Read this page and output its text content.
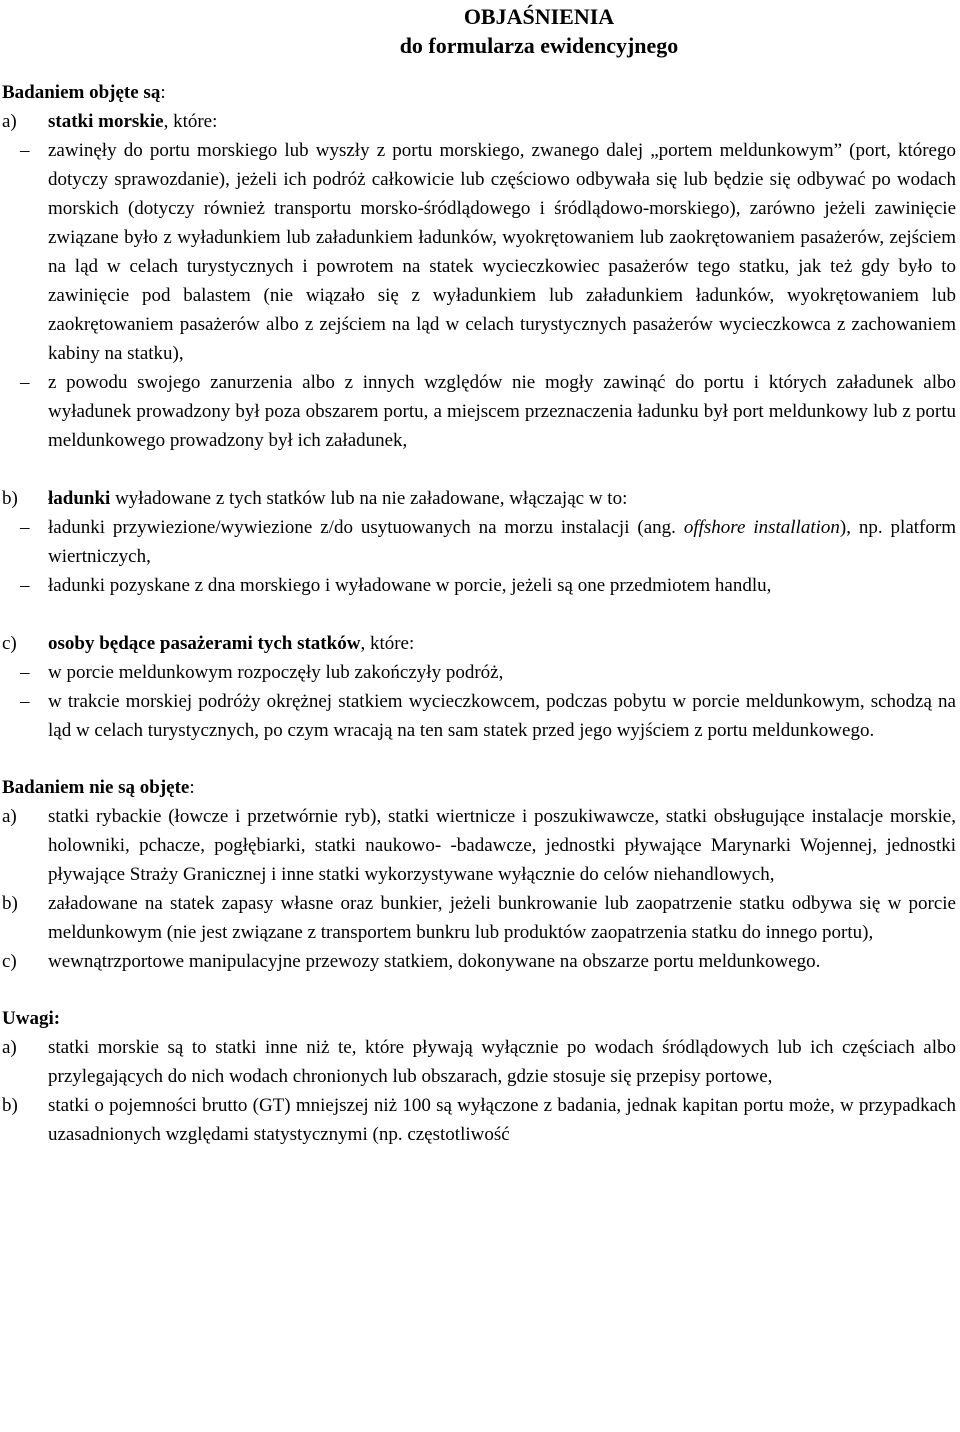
OBJAŚNIENIA
do formularza ewidencyjnego
Badaniem objęte są:
a) statki morskie, które:
– zawinęły do portu morskiego lub wyszły z portu morskiego, zwanego dalej „portem meldunkowym” (port, którego dotyczy sprawozdanie), jeżeli ich podróż całkowicie lub częściowo odbywała się lub będzie się odbywać po wodach morskich (dotyczy również transportu morsko-śródlądowego i śródlądowo-morskiego), zarówno jeżeli zawinięcie związane było z wyładunkiem lub załadunkiem ładunków, wyokrętowaniem lub zaokrętowaniem pasażerów, zejściem na ląd w celach turystycznych i powrotem na statek wycieczkowiec pasażerów tego statku, jak też gdy było to zawinięcie pod balastem (nie wiązało się z wyładunkiem lub załadunkiem ładunków, wyokrętowaniem lub zaokrętowaniem pasażerów albo z zejściem na ląd w celach turystycznych pasażerów wycieczkowca z zachowaniem kabiny na statku),
– z powodu swojego zanurzenia albo z innych względów nie mogły zawinąć do portu i których załadunek albo wyładunek prowadzony był poza obszarem portu, a miejscem przeznaczenia ładunku był port meldunkowy lub z portu meldunkowego prowadzony był ich załadunek,
b) ładunki wyładowane z tych statków lub na nie załadowane, włączając w to:
– ładunki przywiezione/wywiezione z/do usytuowanych na morzu instalacji (ang. offshore installation), np. platform wiertniczych,
– ładunki pozyskane z dna morskiego i wyładowane w porcie, jeżeli są one przedmiotem handlu,
c) osoby będące pasażerami tych statków, które:
– w porcie meldunkowym rozpoczęły lub zakończyły podróż,
– w trakcie morskiej podróży okrężnej statkiem wycieczkowcem, podczas pobytu w porcie meldunkowym, schodzą na ląd w celach turystycznych, po czym wracają na ten sam statek przed jego wyjściem z portu meldunkowego.
Badaniem nie są objęte:
a) statki rybackie (łowcze i przetwórnie ryb), statki wiertnicze i poszukiwawcze, statki obsługujące instalacje morskie, holowniki, pchacze, pogłębiarki, statki naukowo- -badawcze, jednostki pływające Marynarki Wojennej, jednostki pływające Straży Granicznej i inne statki wykorzystywane wyłącznie do celów niehandlowych,
b) załadowane na statek zapasy własne oraz bunkier, jeżeli bunkrowanie lub zaopatrzenie statku odbywa się w porcie meldunkowym (nie jest związane z transportem bunkru lub produktów zaopatrzenia statku do innego portu),
c) wewnątrzportowe manipulacyjne przewozy statkiem, dokonywane na obszarze portu meldunkowego.
Uwagi:
a) statki morskie są to statki inne niż te, które pływają wyłącznie po wodach śródlądowych lub ich częściach albo przylegających do nich wodach chronionych lub obszarach, gdzie stosuje się przepisy portowe,
b) statki o pojemności brutto (GT) mniejszej niż 100 są wyłączone z badania, jednak kapitan portu może, w przypadkach uzasadnionych względami statystycznymi (np. częstotliwość
